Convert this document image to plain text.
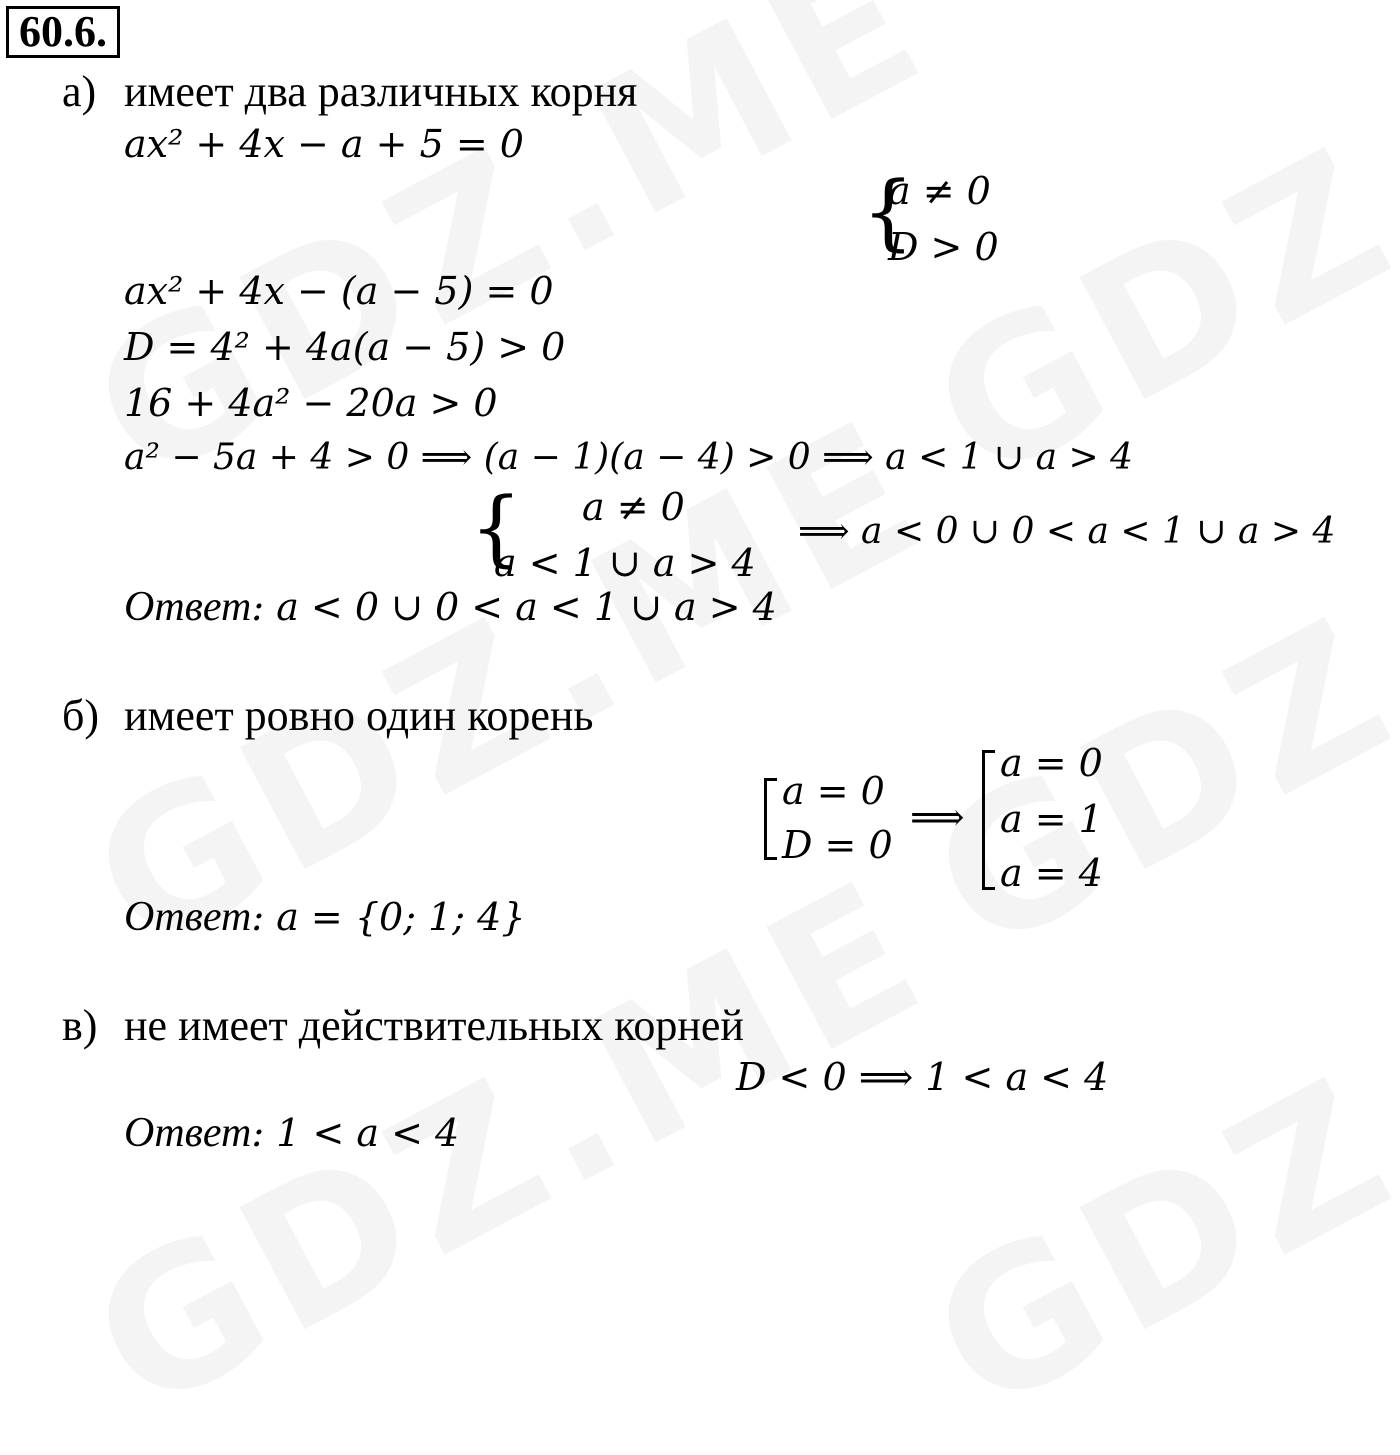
60.6.
а) имеет два различных корня
ax² + 4x − a + 5 = 0
{
a ≠ 0
D > 0
ax² + 4x − (a − 5) = 0
D = 4² + 4a(a − 5) > 0
16 + 4a² − 20a > 0
a² − 5a + 4 > 0 ⟹ (a − 1)(a − 4) > 0 ⟹ a < 1 ∪ a > 4
{ a ≠ 0
a < 1 ∪ a > 4
⟹ a < 0 ∪ 0 < a < 1 ∪ a > 4
Ответ: a < 0 ∪ 0 < a < 1 ∪ a > 4
б) имеет ровно один корень
a = 0
D = 0
⟹
a = 0
a = 1
a = 4
Ответ: a = {0; 1; 4}
в) не имеет действительных корней
D < 0 ⟹ 1 < a < 4
Ответ: 1 < a < 4
